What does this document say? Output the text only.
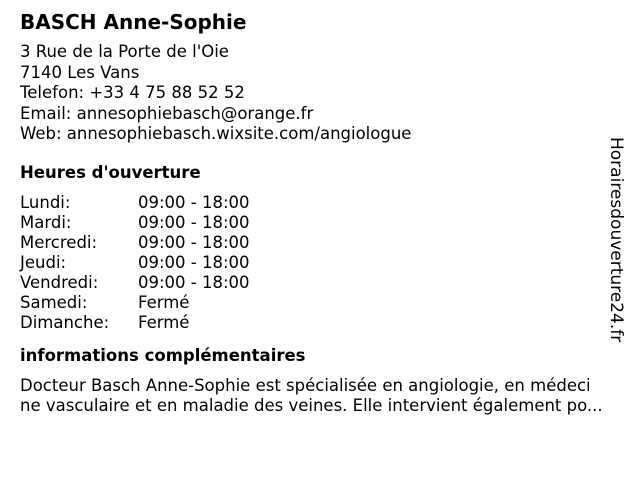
BASCH Anne-Sophie
3 Rue de la Porte de l'Oie
7140 Les Vans
Telefon: +33 4 75 88 52 52
Email: annesophiebasch@orange.fr
Web: annesophiebasch.wixsite.com/angiologue
Heures d'ouverture
Lundi:	09:00 - 18:00
Mardi:	09:00 - 18:00
Mercredi:	09:00 - 18:00
Jeudi:	09:00 - 18:00
Vendredi:	09:00 - 18:00
Samedi:	Fermé
Dimanche:	Fermé
informations complémentaires
Docteur Basch Anne-Sophie est spécialisée en angiologie, en médeci
ne vasculaire et en maladie des veines. Elle intervient également po...
Horairesdouverture24.fr
